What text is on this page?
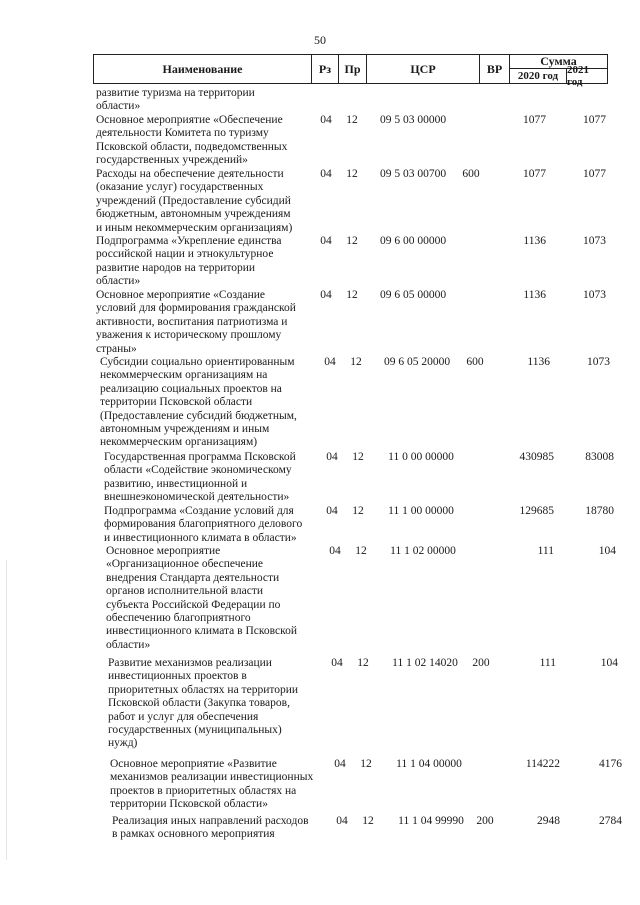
50
Наименование	Рз	Пр	ЦСР	ВР
Сумма
2020 год 2021 год
развитие туризма на территории
области»
Основное мероприятие «Обеспечение
деятельности Комитета по туризму
Псковской области, подведомственных
государственных учреждений»
04	12	09 5 03 00000	1077	1077
Расходы на обеспечение деятельности
(оказание услуг) государственных
учреждений (Предоставление субсидий
бюджетным, автономным учреждениям
и иным некоммерческим организациям)
04	12	09 5 03 00700	600	1077	1077
Подпрограмма «Укрепление единства
российской нации и этнокультурное
развитие народов на территории
области»
04	12	09 6 00 00000	1136	1073
Основное мероприятие «Создание
условий для формирования гражданской
активности, воспитания патриотизма и
уважения к историческому прошлому
страны»
04	12	09 6 05 00000	1136	1073
Субсидии социально ориентированным
некоммерческим организациям на
реализацию социальных проектов на
территории Псковской области
(Предоставление субсидий бюджетным,
автономным учреждениям и иным
некоммерческим организациям)
04	12	09 6 05 20000	600	1136	1073
Государственная программа Псковской
области «Содействие экономическому
развитию, инвестиционной и
внешнеэкономической деятельности»
04	12	11 0 00 00000	430985	83008
Подпрограмма «Создание условий для
формирования благоприятного делового
и инвестиционного климата в области»
04	12	11 1 00 00000	129685	18780
Основное мероприятие
«Организационное обеспечение
внедрения Стандарта деятельности
органов исполнительной власти
субъекта Российской Федерации по
обеспечению благоприятного
инвестиционного климата в Псковской
области»
04	12	11 1 02 00000	111	104
Развитие механизмов реализации
инвестиционных проектов в
приоритетных областях на территории
Псковской области (Закупка товаров,
работ и услуг для обеспечения
государственных (муниципальных)
нужд)
04	12	11 1 02 14020	200	111	104
Основное мероприятие «Развитие
механизмов реализации инвестиционных
проектов в приоритетных областях на
территории Псковской области»
04	12	11 1 04 00000	114222	4176
Реализация иных направлений расходов
в рамках основного мероприятия
04	12	11 1 04 99990	200	2948	2784
